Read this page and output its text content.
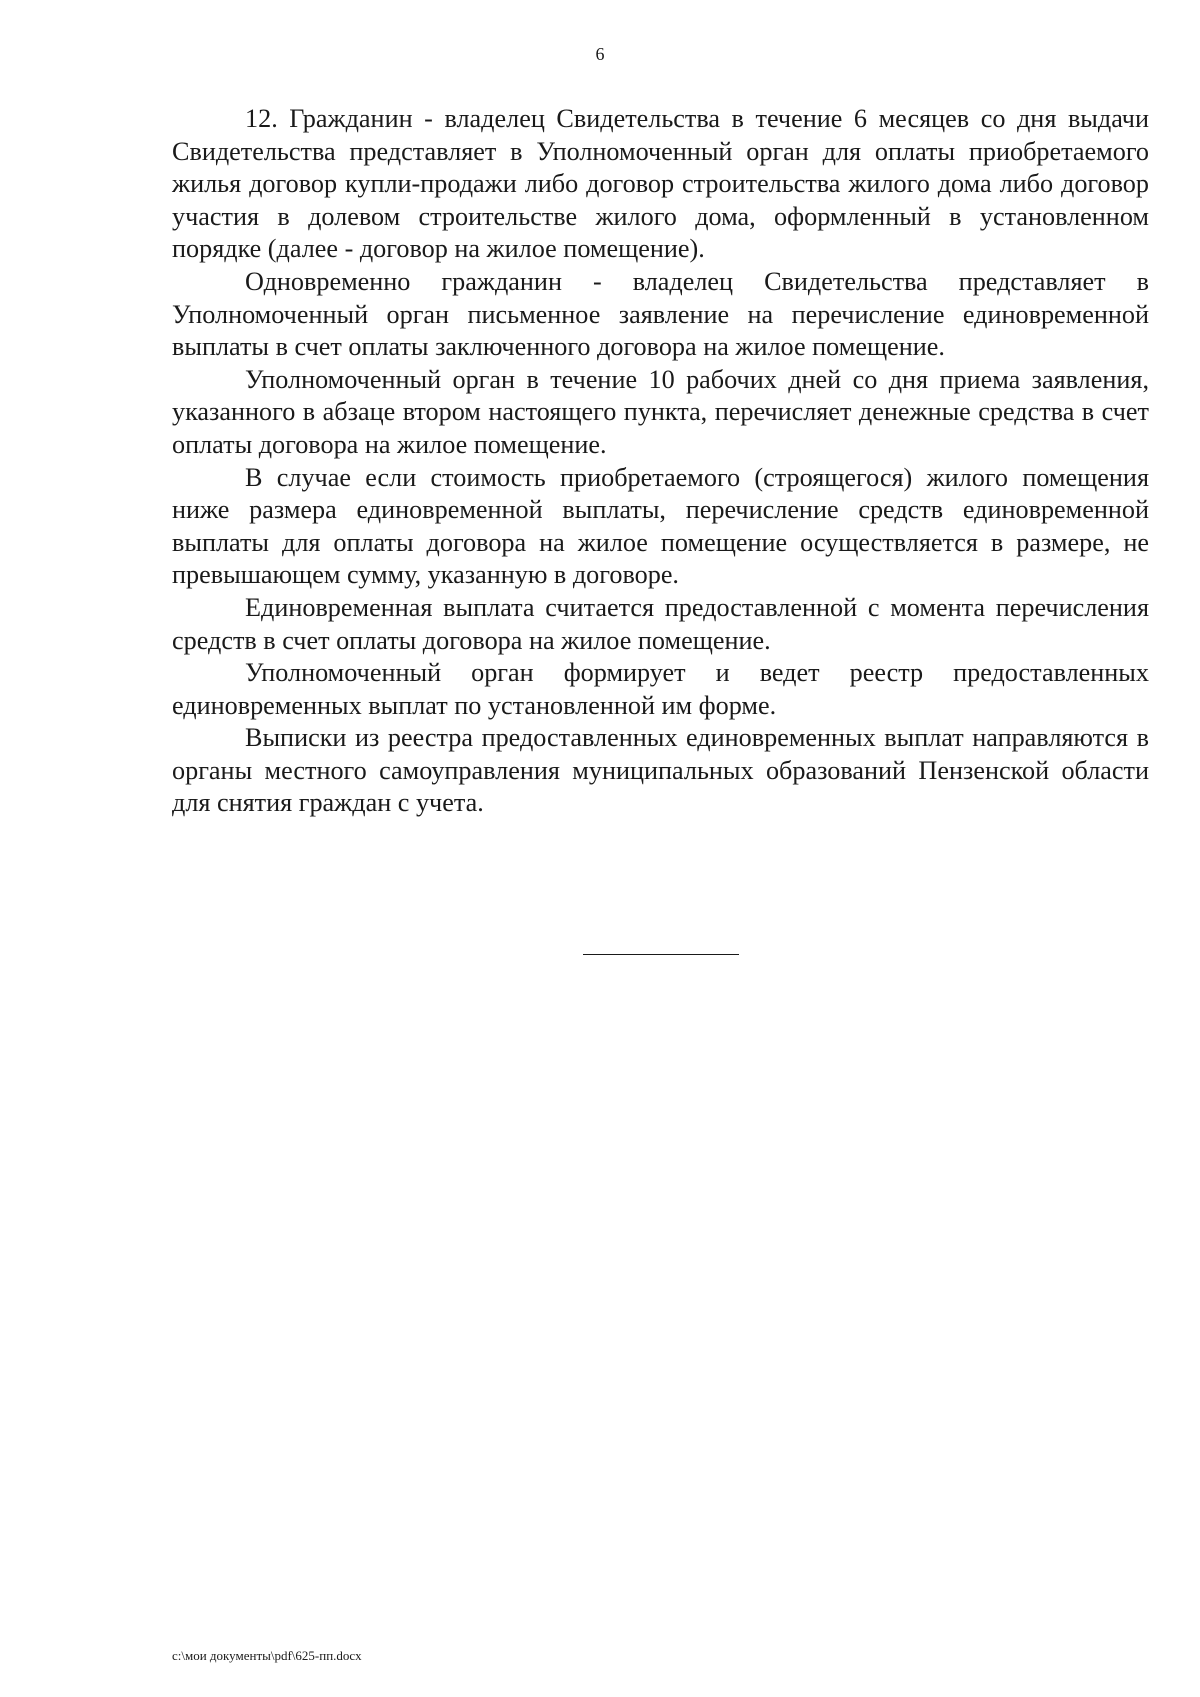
6

12. Гражданин - владелец Свидетельства в течение 6 месяцев со дня выдачи Свидетельства представляет в Уполномоченный орган для оплаты приобретаемого жилья договор купли-продажи либо договор строительства жилого дома либо договор участия в долевом строительстве жилого дома, оформленный в установленном порядке (далее - договор на жилое помещение).

Одновременно гражданин - владелец Свидетельства представляет в Уполномоченный орган письменное заявление на перечисление единовременной выплаты в счет оплаты заключенного договора на жилое помещение.

Уполномоченный орган в течение 10 рабочих дней со дня приема заявления, указанного в абзаце втором настоящего пункта, перечисляет денежные средства в счет оплаты договора на жилое помещение.

В случае если стоимость приобретаемого (строящегося) жилого помещения ниже размера единовременной выплаты, перечисление средств единовременной выплаты для оплаты договора на жилое помещение осуществляется в размере, не превышающем сумму, указанную в договоре.

Единовременная выплата считается предоставленной с момента перечисления средств в счет оплаты договора на жилое помещение.

Уполномоченный орган формирует и ведет реестр предоставленных единовременных выплат по установленной им форме.

Выписки из реестра предоставленных единовременных выплат направляются в органы местного самоуправления муниципальных образований Пензенской области для снятия граждан с учета.

c:\мои документы\pdf\625-пп.docx
